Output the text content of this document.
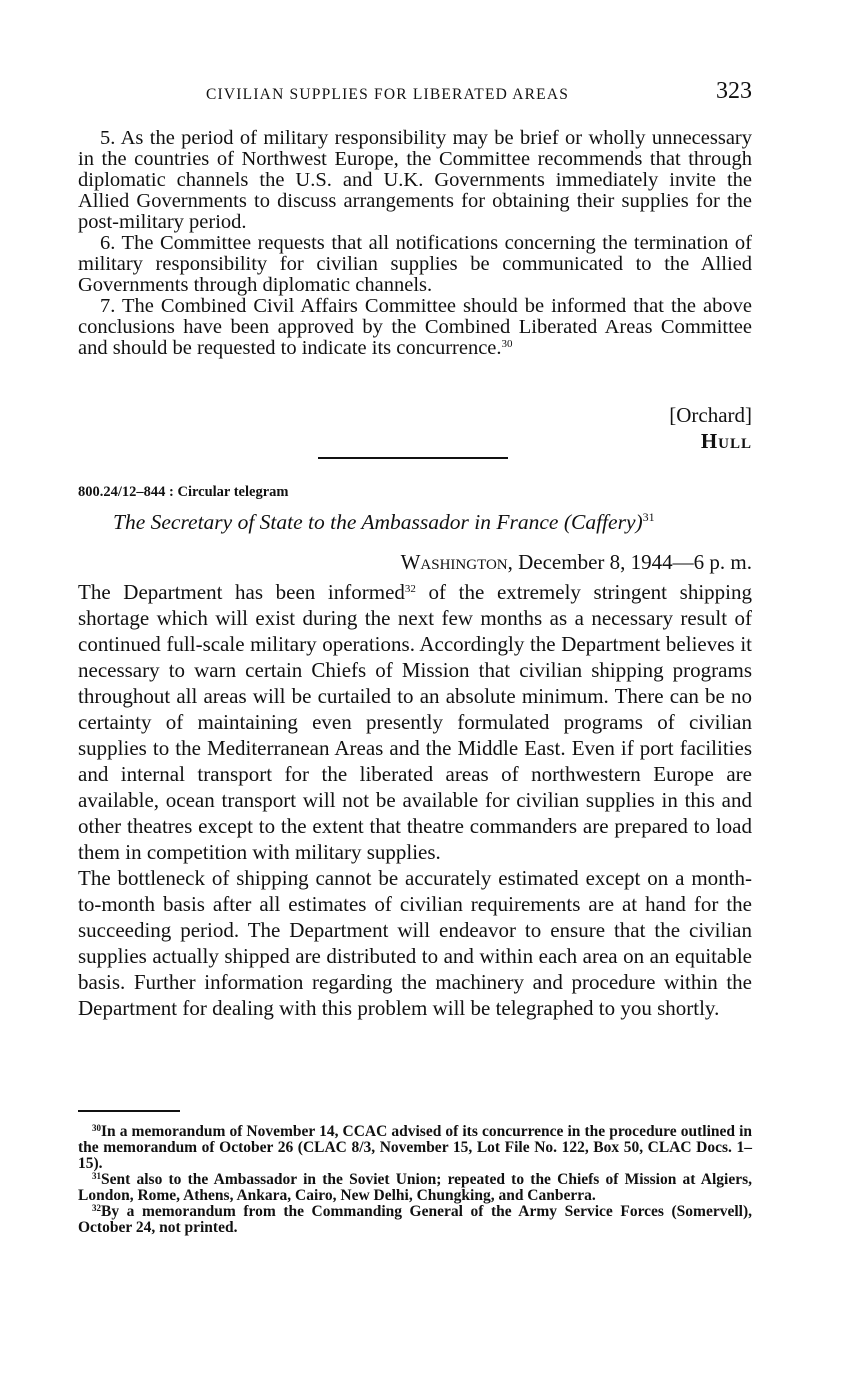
CIVILIAN SUPPLIES FOR LIBERATED AREAS	323

5. As the period of military responsibility may be brief or wholly unnecessary in the countries of Northwest Europe, the Committee recommends that through diplomatic channels the U.S. and U.K. Governments immediately invite the Allied Governments to discuss arrangements for obtaining their supplies for the post-military period.

6. The Committee requests that all notifications concerning the termination of military responsibility for civilian supplies be communicated to the Allied Governments through diplomatic channels.

7. The Combined Civil Affairs Committee should be informed that the above conclusions have been approved by the Combined Liberated Areas Committee and should be requested to indicate its concurrence.$^{30}$

[Orchard]
Hull
800.24/12–844 : Circular telegram
The Secretary of State to the Ambassador in France (Caffery)$^{31}$
Washington, December 8, 1944—6 p. m.

The Department has been informed$^{32}$ of the extremely stringent shipping shortage which will exist during the next few months as a necessary result of continued full-scale military operations. Accordingly the Department believes it necessary to warn certain Chiefs of Mission that civilian shipping programs throughout all areas will be curtailed to an absolute minimum. There can be no certainty of maintaining even presently formulated programs of civilian supplies to the Mediterranean Areas and the Middle East. Even if port facilities and internal transport for the liberated areas of northwestern Europe are available, ocean transport will not be available for civilian supplies in this and other theatres except to the extent that theatre commanders are prepared to load them in competition with military supplies.

The bottleneck of shipping cannot be accurately estimated except on a month-to-month basis after all estimates of civilian requirements are at hand for the succeeding period. The Department will endeavor to ensure that the civilian supplies actually shipped are distributed to and within each area on an equitable basis. Further information regarding the machinery and procedure within the Department for dealing with this problem will be telegraphed to you shortly.

$^{30}$In a memorandum of November 14, CCAC advised of its concurrence in the procedure outlined in the memorandum of October 26 (CLAC 8/3, November 15, Lot File No. 122, Box 50, CLAC Docs. 1–15).

$^{31}$Sent also to the Ambassador in the Soviet Union; repeated to the Chiefs of Mission at Algiers, London, Rome, Athens, Ankara, Cairo, New Delhi, Chungking, and Canberra.

$^{32}$By a memorandum from the Commanding General of the Army Service Forces (Somervell), October 24, not printed.
